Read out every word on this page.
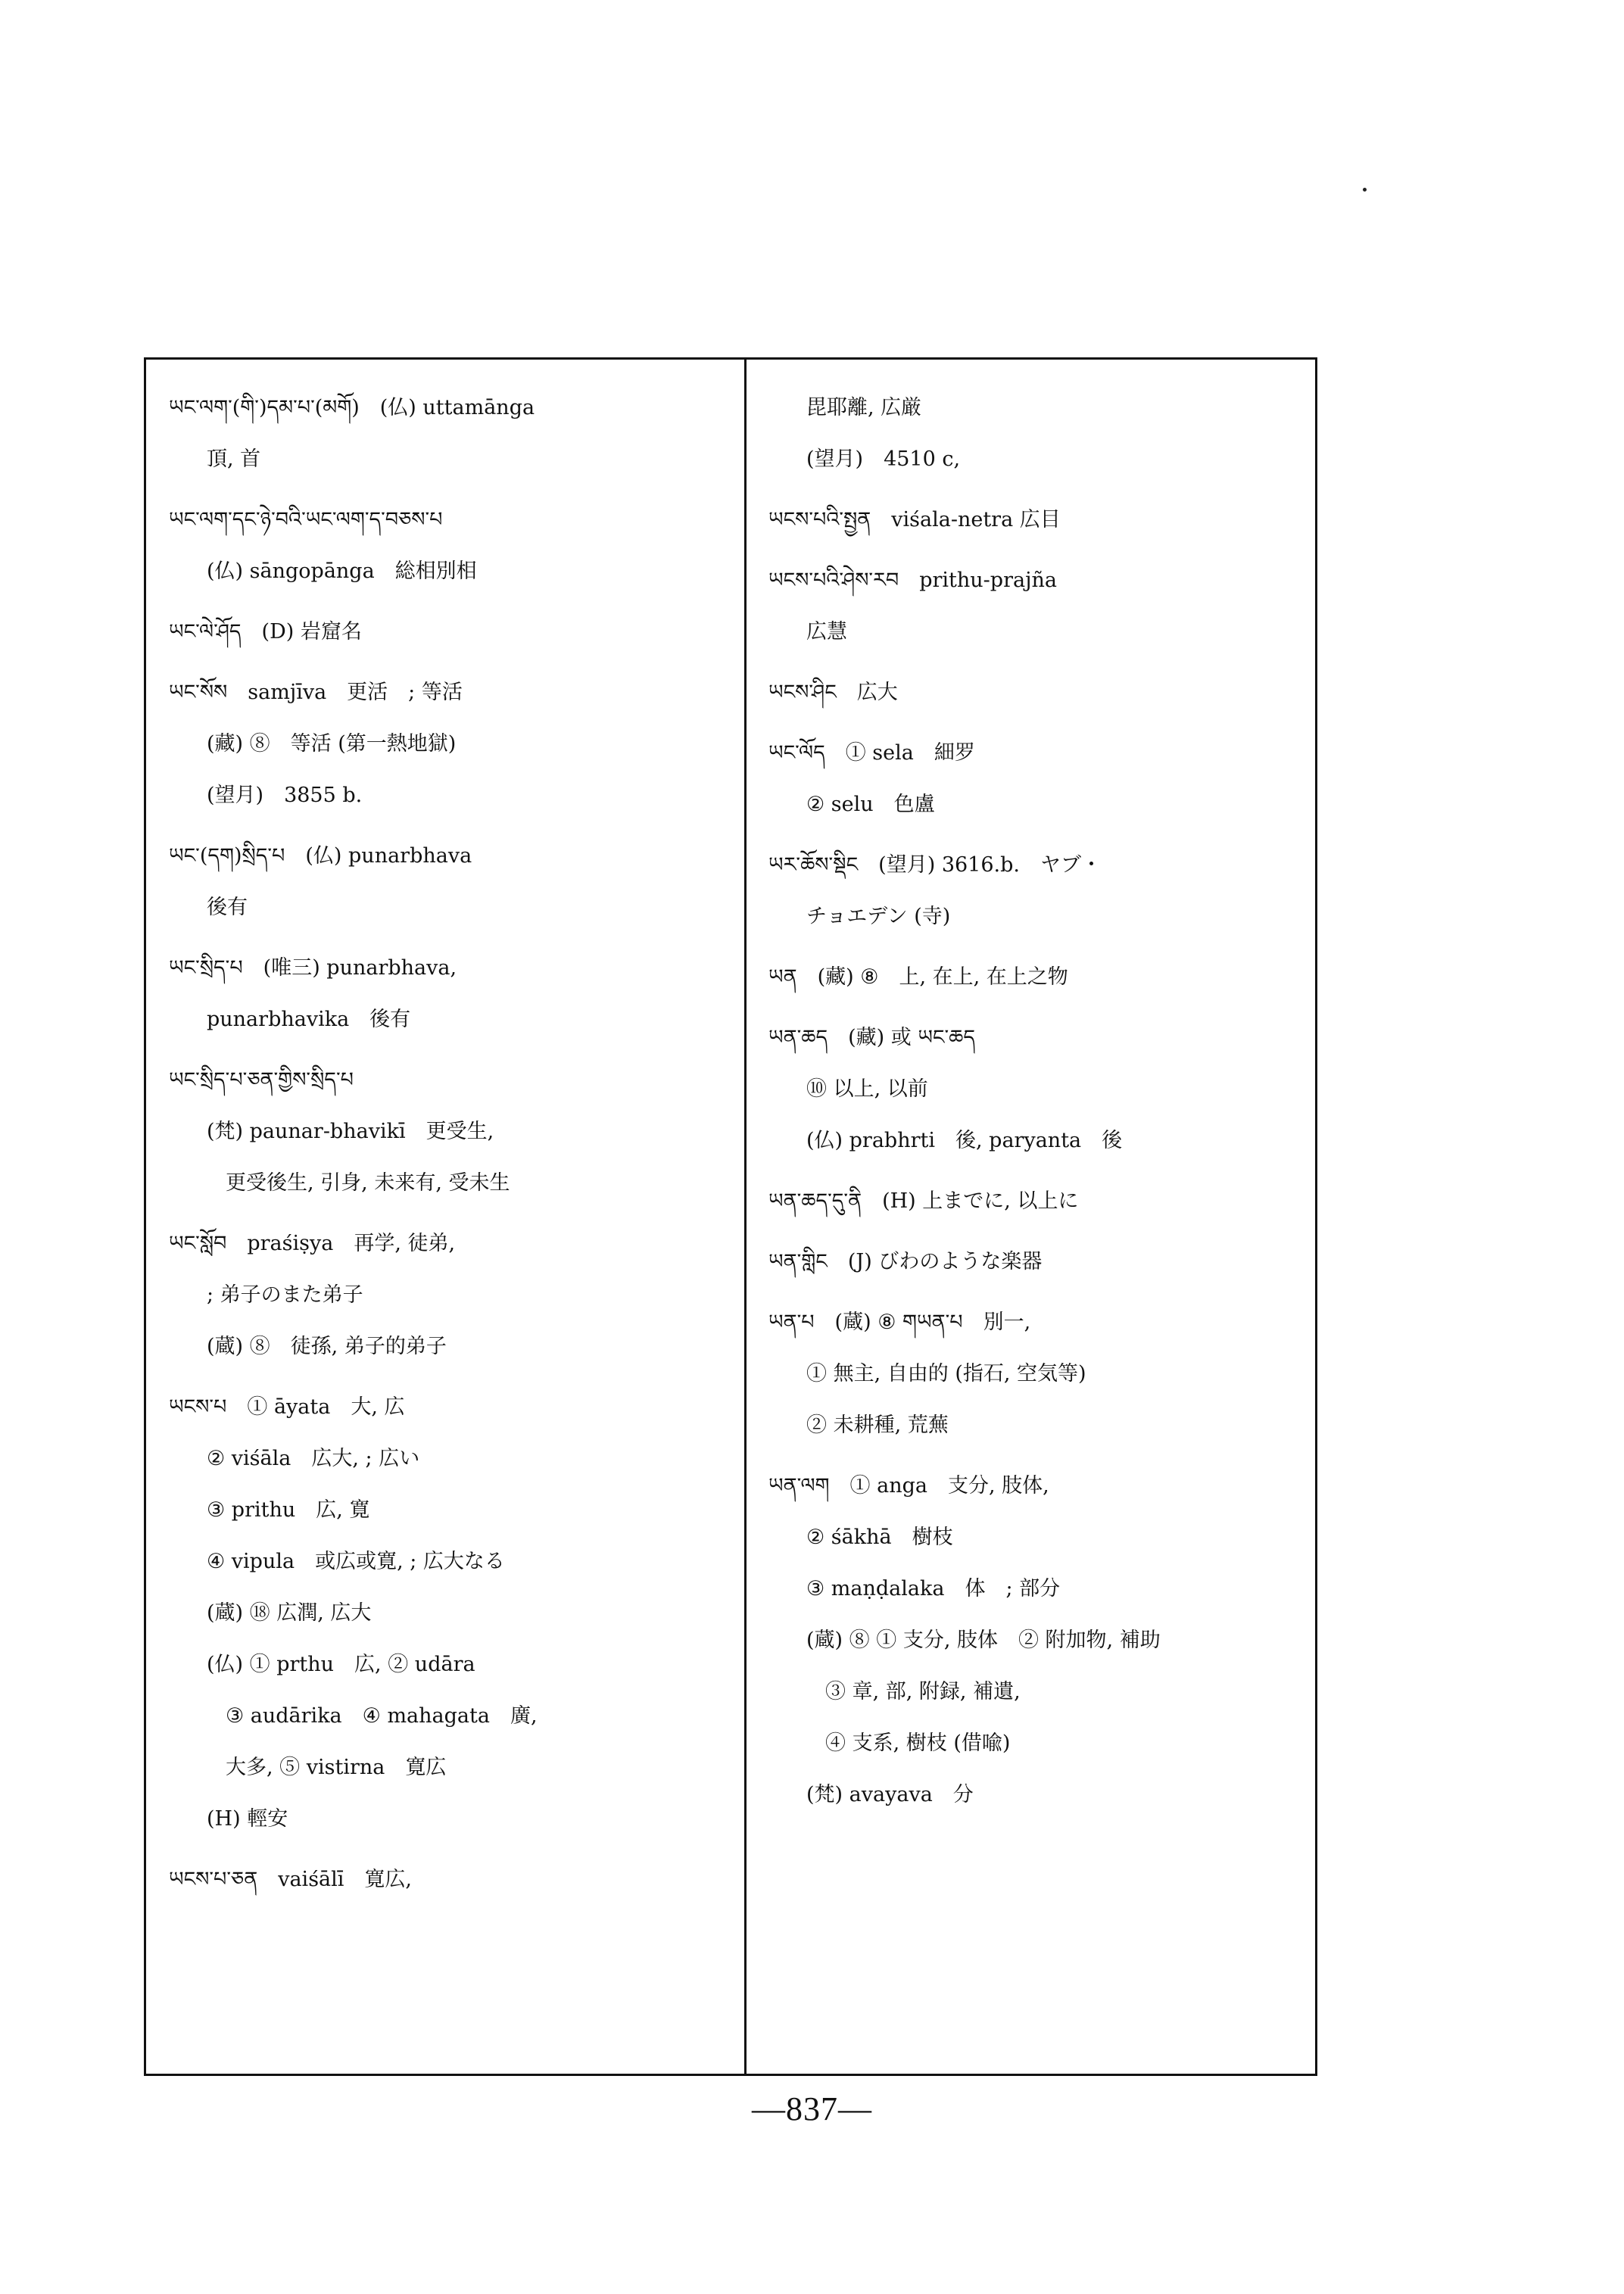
ཡང་ལག་(གི་)དམ་པ་(མགོ)　(仏) uttamānga
頂, 首
ཡང་ལག་དང་ཉེ་བའི་ཡང་ལག་ད་བཅས་པ
(仏) sāngopānga　総相別相
ཡང་ལེ་ཤོད　(D) 岩窟名
ཡང་སོས　samjīva　更活　; 等活
(藏) ⑧　等活 (第一熱地獄)
(望月)　3855 b.
ཡང་(དག)སྲིད་པ　(仏) punarbhava
後有
ཡང་སྲིད་པ　(唯三) punarbhava,
punarbhavika　後有
ཡང་སྲིད་པ་ཅན་གྱིས་སྲིད་པ
(梵) paunar-bhavikī　更受生,
更受後生, 引身, 未来有, 受未生
ཡང་སློབ　praśiṣya　再学, 徒弟,
; 弟子のまた弟子
(蔵) ⑧　徒孫, 弟子的弟子
ཡངས་པ　① āyata　大, 広
② viśāla　広大, ; 広い
③ prithu　広, 寛
④ vipula　或広或寛, ; 広大なる
(蔵) ⑱ 広潤, 広大
(仏) ① prthu　広, ② udāra
③ audārika　④ mahagata　廣,
大多, ⑤ vistirna　寛広
(H) 輕安
ཡངས་པ་ཅན　vaiśālī　寛広,
毘耶離, 広厳
(望月)　4510 c,
ཡངས་པའི་སྤྱན　viśala-netra 広目
ཡངས་པའི་ཤེས་རབ　prithu-prajña
広慧
ཡངས་ཤིང　広大
ཡང་ལོད　① sela　細罗
② selu　色盧
ཡར་ཆོས་སྡིང　(望月) 3616.b.　ヤブ・
チョエデン (寺)
ཡན　(藏) ⑧　上, 在上, 在上之物
ཡན་ཆད　(藏) 或 ཡང་ཆད
⑩ 以上, 以前
(仏) prabhrti　後, paryanta　後
ཡན་ཆད་དུ་ནི　(H) 上までに, 以上に
ཡན་གླིང　(J) びわのような楽器
ཡན་པ　(蔵) ⑧ གཡན་པ　別一,
① 無主, 自由的 (指石, 空気等)
② 未耕種, 荒蕪
ཡན་ལག　① anga　支分, 肢体,
② śākhā　樹枝
③ maṇḍalaka　体　; 部分
(蔵) ⑧ ① 支分, 肢体　② 附加物, 補助
③ 章, 部, 附録, 補遺,
④ 支系, 樹枝 (借喩)
(梵) avayava　分
—837—
